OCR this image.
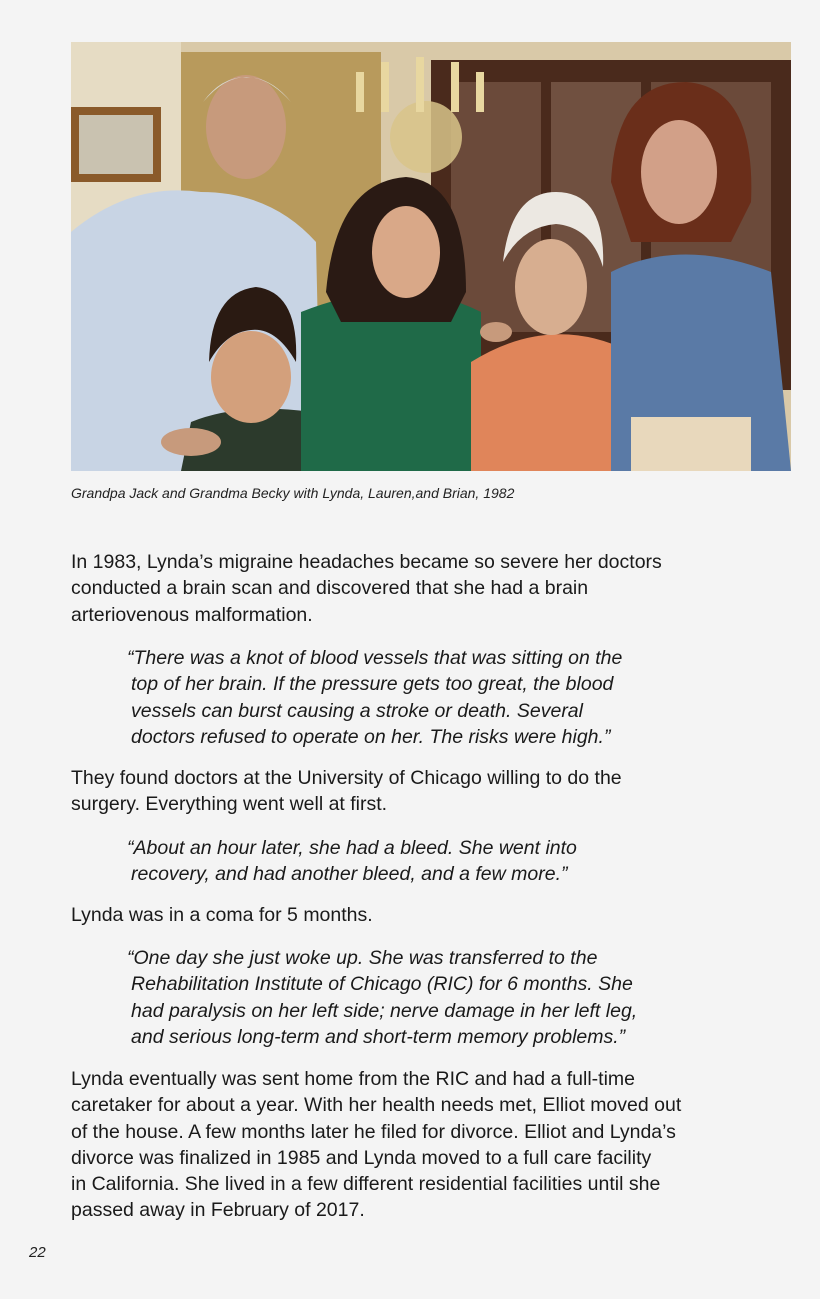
Grandpa Jack and Grandma Becky with Lynda, Lauren,and Brian, 1982

In 1983, Lynda’s migraine headaches became so severe her doctors
conducted a brain scan and discovered that she had a brain
arteriovenous malformation.

“There was a knot of blood vessels that was sitting on the
top of her brain. If the pressure gets too great, the blood
vessels can burst causing a stroke or death. Several
doctors refused to operate on her. The risks were high.”

They found doctors at the University of Chicago willing to do the
surgery. Everything went well at first.

“About an hour later, she had a bleed. She went into
recovery, and had another bleed, and a few more.”

Lynda was in a coma for 5 months.

“One day she just woke up. She was transferred to the
Rehabilitation Institute of Chicago (RIC) for 6 months. She
had paralysis on her left side; nerve damage in her left leg,
and serious long-term and short-term memory problems.”

Lynda eventually was sent home from the RIC and had a full-time
caretaker for about a year. With her health needs met, Elliot moved out
of the house. A few months later he filed for divorce. Elliot and Lynda’s
divorce was finalized in 1985 and Lynda moved to a full care facility
in California. She lived in a few different residential facilities until she
passed away in February of 2017.

22
